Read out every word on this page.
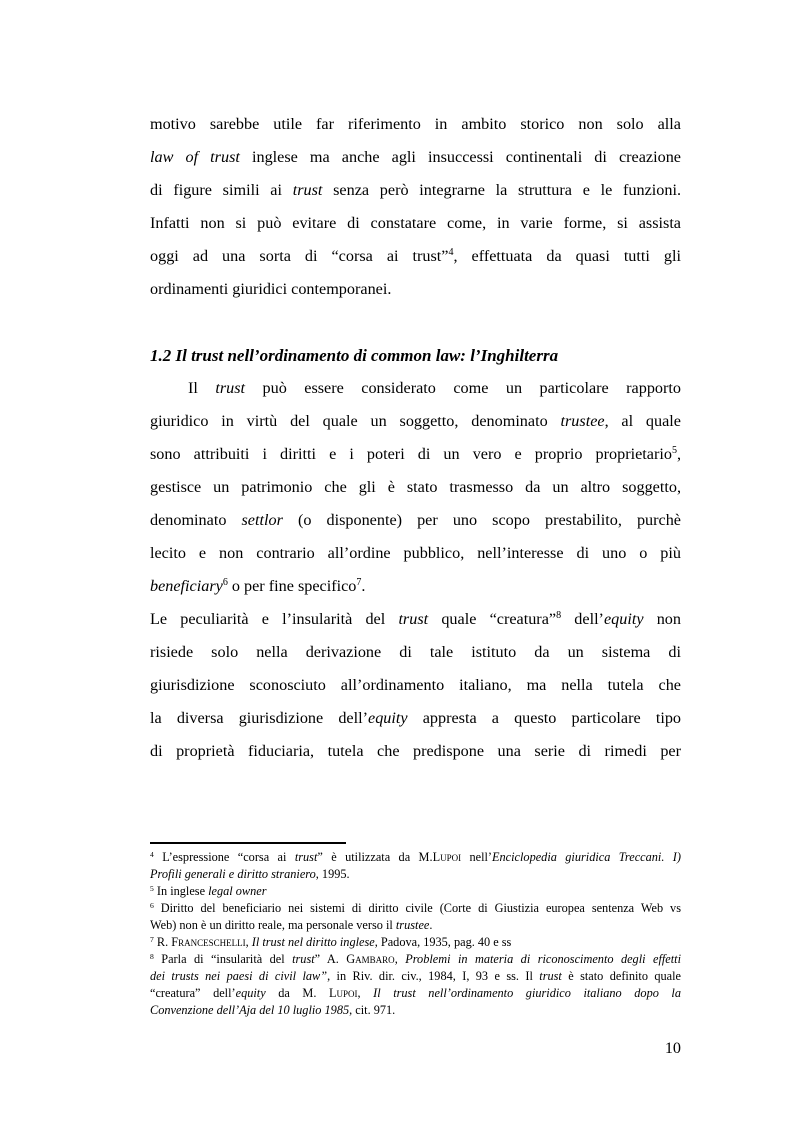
motivo sarebbe utile far riferimento in ambito storico non solo alla
law of trust inglese ma anche agli insuccessi continentali di creazione
di figure simili ai trust senza però integrarne la struttura e le funzioni.
Infatti non si può evitare di constatare come, in varie forme, si assista
oggi ad una sorta di “corsa ai trust”$^4$, effettuata da quasi tutti gli
ordinamenti giuridici contemporanei.
1.2 Il trust nell’ordinamento di common law: l’Inghilterra
Il trust può essere considerato come un particolare rapporto
giuridico in virtù del quale un soggetto, denominato trustee, al quale
sono attribuiti i diritti e i poteri di un vero e proprio proprietario$^5$,
gestisce un patrimonio che gli è stato trasmesso da un altro soggetto,
denominato settlor (o disponente) per uno scopo prestabilito, purchè
lecito e non contrario all’ordine pubblico, nell’interesse di uno o più
beneficiary$^6$ o per fine specifico$^7$.
Le peculiarità e l’insularità del trust quale “creatura”$^8$ dell’equity non
risiede solo nella derivazione di tale istituto da un sistema di
giurisdizione sconosciuto all’ordinamento italiano, ma nella tutela che
la diversa giurisdizione dell’equity appresta a questo particolare tipo
di proprietà fiduciaria, tutela che predispone una serie di rimedi per
$^4$ L’espressione “corsa ai trust” è utilizzata da M.Lupoi nell’Enciclopedia giuridica Treccani. I)
Profili generali e diritto straniero, 1995.
$^5$ In inglese legal owner
$^6$ Diritto del beneficiario nei sistemi di diritto civile (Corte di Giustizia europea sentenza Web vs
Web) non è un diritto reale, ma personale verso il trustee.
$^7$ R. Franceschelli, Il trust nel diritto inglese, Padova, 1935, pag. 40 e ss
$^8$ Parla di “insularità del trust” A. Gambaro, Problemi in materia di riconoscimento degli effetti
dei trusts nei paesi di civil law”, in Riv. dir. civ., 1984, I, 93 e ss. Il trust è stato definito quale
“creatura” dell’equity da M. Lupoi, Il trust nell’ordinamento giuridico italiano dopo la
Convenzione dell’Aja del 10 luglio 1985, cit. 971.
10
